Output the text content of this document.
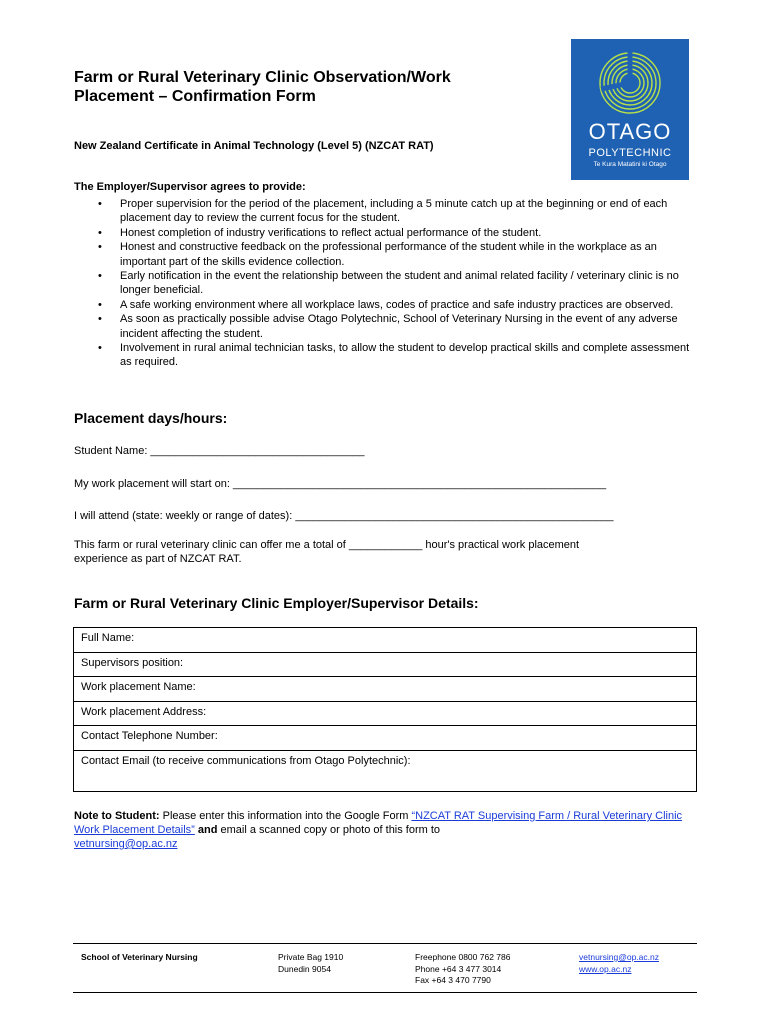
OTAGO
POLYTECHNIC
Te Kura Matatini ki Otago
Farm or Rural Veterinary Clinic Observation/Work
Placement – Confirmation Form
New Zealand Certificate in Animal Technology (Level 5) (NZCAT RAT)
The Employer/Supervisor agrees to provide:
• Proper supervision for the period of the placement, including a 5 minute catch up at the beginning or end of each placement day to review the current focus for the student.
• Honest completion of industry verifications to reflect actual performance of the student.
• Honest and constructive feedback on the professional performance of the student while in the workplace as an important part of the skills evidence collection.
• Early notification in the event the relationship between the student and animal related facility / veterinary clinic is no longer beneficial.
• A safe working environment where all workplace laws, codes of practice and safe industry practices are observed.
• As soon as practically possible advise Otago Polytechnic, School of Veterinary Nursing in the event of any adverse incident affecting the student.
• Involvement in rural animal technician tasks, to allow the student to develop practical skills and complete assessment as required.
Placement days/hours:
Student Name: ___________________________________
My work placement will start on: _____________________________________________________________
I will attend (state: weekly or range of dates): ____________________________________________________
This farm or rural veterinary clinic can offer me a total of ____________ hour's practical work placement
experience as part of NZCAT RAT.
Farm or Rural Veterinary Clinic Employer/Supervisor Details:
Full Name:
Supervisors position:
Work placement Name:
Work placement Address:
Contact Telephone Number:
Contact Email (to receive communications from Otago Polytechnic):
Note to Student: Please enter this information into the Google Form “NZCAT RAT Supervising Farm / Rural Veterinary Clinic Work Placement Details” and email a scanned copy or photo of this form to
vetnursing@op.ac.nz
School of Veterinary Nursing	Private Bag 1910
Dunedin 9054
Freephone 0800 762 786
Phone +64 3 477 3014
Fax +64 3 470 7790
vetnursing@op.ac.nz
www.op.ac.nz
